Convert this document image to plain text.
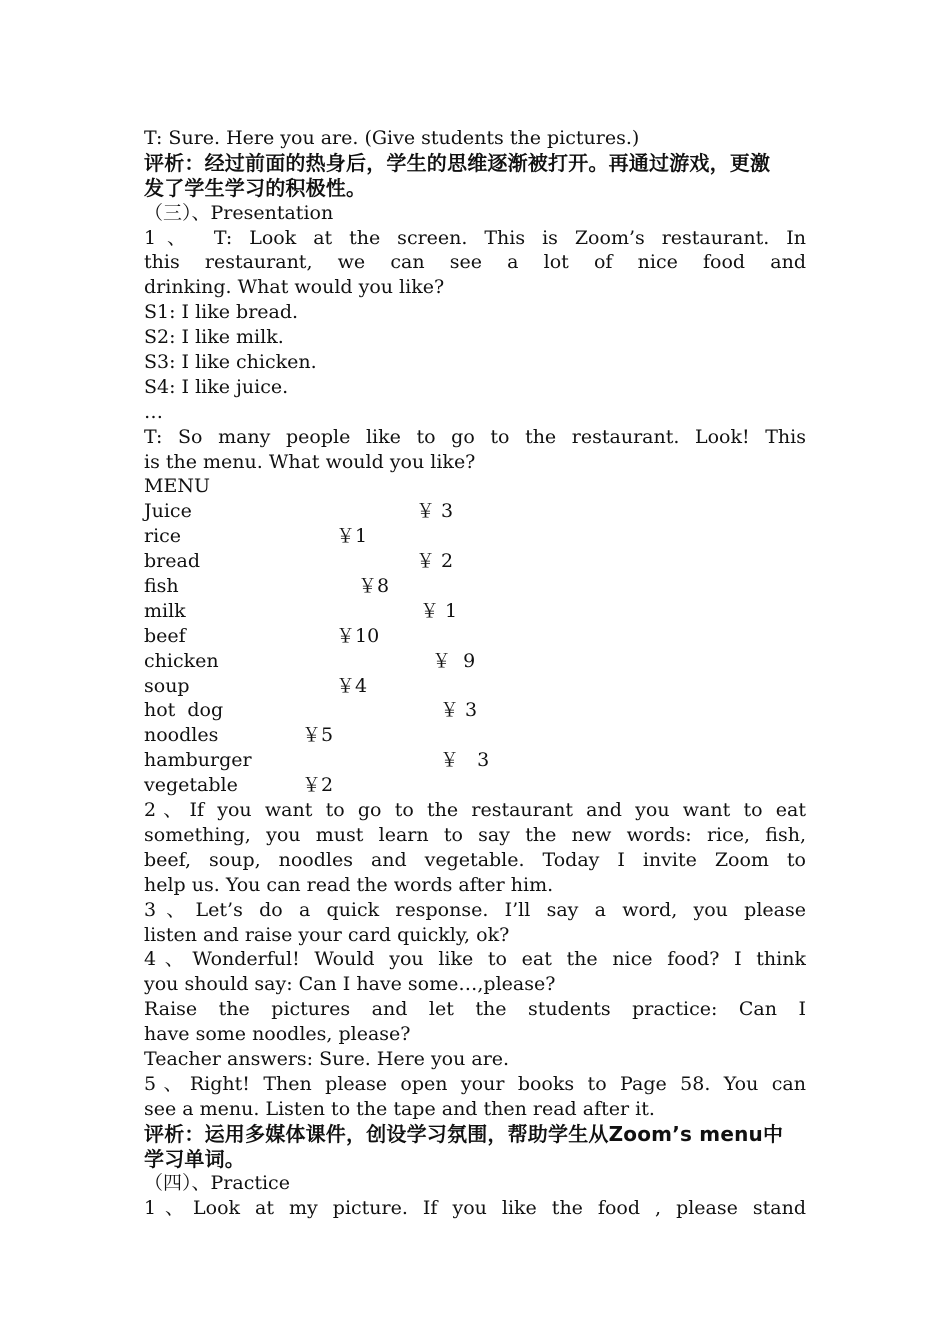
T: Sure. Here you are. (Give students the pictures.)
评析：经过前面的热身后，学生的思维逐渐被打开。再通过游戏，更激
发了学生学习的积极性。
（三）、Presentation
1、 T: Look at the screen. This is Zoom’s restaurant. In
this restaurant, we can see a lot of nice food and
drinking. What would you like?
S1: I like bread.
S2: I like milk.
S3: I like chicken.
S4: I like juice.
…
T: So many people like to go to the restaurant. Look! This
is the menu. What would you like?
MENU
Juice	￥ 3
rice	￥1
bread	￥ 2
fish	￥8
milk	￥ 1
beef	￥10
chicken	￥  9
soup	￥4
hot  dog	￥ 3
noodles	￥5
hamburger	￥   3
vegetable	￥2
2、If you want to go to the restaurant and you want to eat
something, you must learn to say the new words: rice, fish,
beef, soup, noodles and vegetable. Today I invite Zoom to
help us. You can read the words after him.
3、Let’s do a quick response. I’ll say a word, you please
listen and raise your card quickly, ok?
4、Wonderful! Would you like to eat the nice food? I think
you should say: Can I have some…,please?
Raise the pictures and let the students practice: Can I
have some noodles, please?
Teacher answers: Sure. Here you are.
5、Right! Then please open your books to Page 58. You can
see a menu. Listen to the tape and then read after it.
评析：运用多媒体课件，创设学习氛围，帮助学生从Zoom’s menu中
学习单词。
（四）、Practice
1、Look at my picture. If you like the food , please stand
